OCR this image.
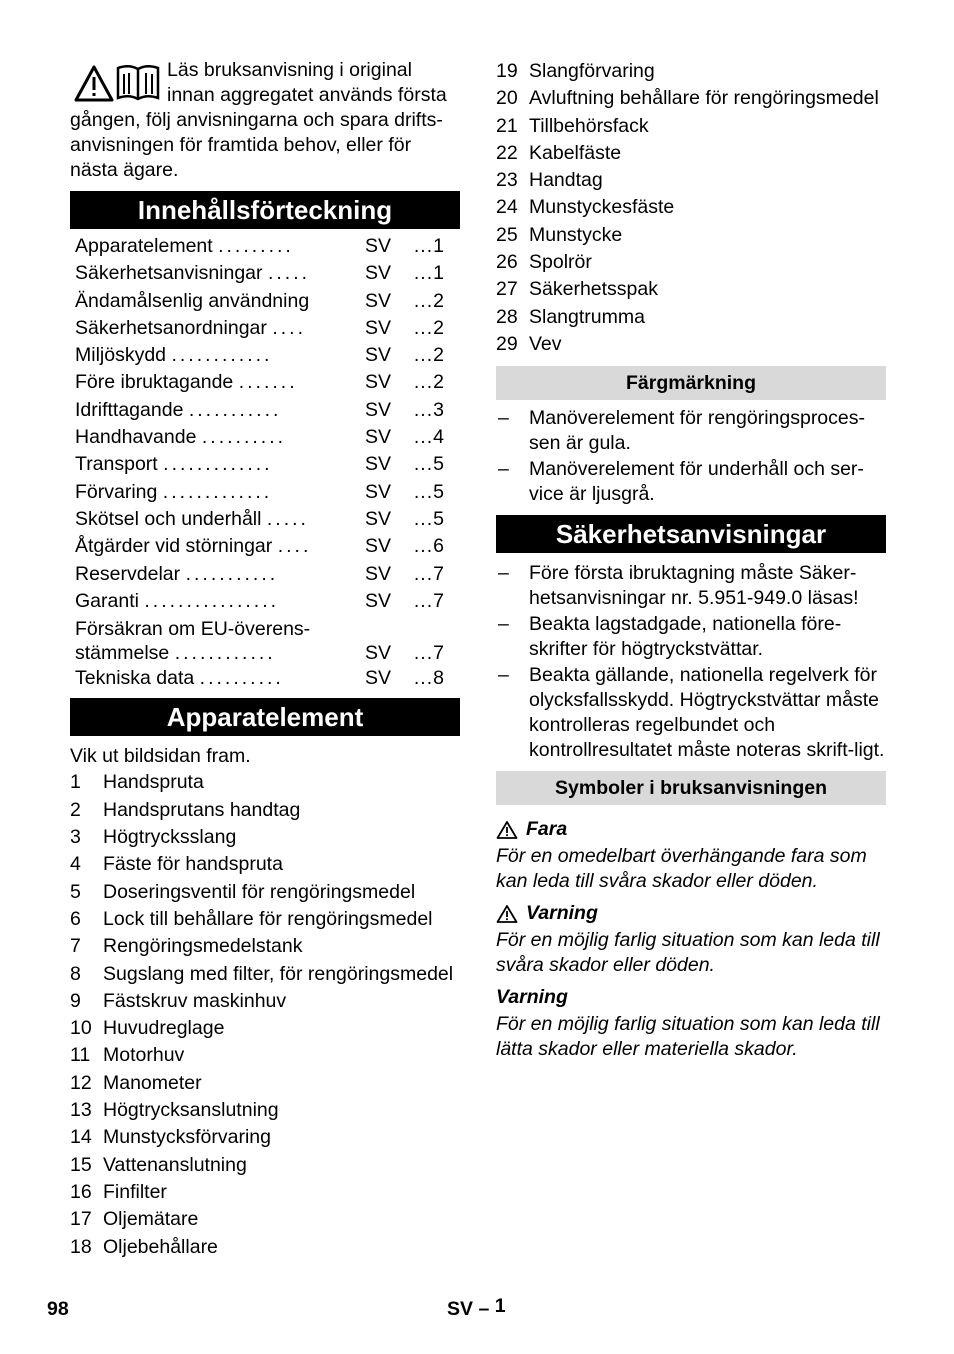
Läs bruksanvisning i original
innan aggregatet används första
gången, följ anvisningarna och spara drifts-anvisningen för framtida behov, eller för nästa ägare.
Innehållsförteckning
Apparatelement .........	SV	...1
Säkerhetsanvisningar .....	SV	...1
Ändamålsenlig användning	SV	...2
Säkerhetsanordningar ....	SV	...2
Miljöskydd ............	SV	...2
Före ibruktagande .......	SV	...2
Idrifttagande ...........	SV	...3
Handhavande ..........	SV	...4
Transport .............	SV	...5
Förvaring .............	SV	...5
Skötsel och underhåll .....	SV	...5
Åtgärder vid störningar ....	SV	...6
Reservdelar ...........	SV	...7
Garanti ................	SV	...7
Försäkran om EU-överens-
stämmelse ............	SV	...7
Tekniska data ..........	SV	...8
Apparatelement
Vik ut bildsidan fram.
1	Handspruta
2	Handsprutans handtag
3	Högtrycksslang
4	Fäste för handspruta
5	Doseringsventil för rengöringsmedel
6	Lock till behållare för rengöringsmedel
7	Rengöringsmedelstank
8	Sugslang med filter, för rengöringsmedel
9	Fästskruv maskinhuv
10 Huvudreglage
11 Motorhuv
12 Manometer
13 Högtrycksanslutning
14 Munstycksförvaring
15 Vattenanslutning
16 Finfilter
17 Oljemätare
18 Oljebehållare
19 Slangförvaring
20 Avluftning behållare för rengöringsmedel
21 Tillbehörsfack
22 Kabelfäste
23 Handtag
24 Munstyckesfäste
25 Munstycke
26 Spolrör
27 Säkerhetsspak
28 Slangtrumma
29 Vev
Färgmärkning
–	Manöverelement för rengöringsproces-sen är gula.
–	Manöverelement för underhåll och ser-vice är ljusgrå.
Säkerhetsanvisningar
–	Före första ibruktagning måste Säker-hetsanvisningar nr. 5.951-949.0 läsas!
–	Beakta lagstadgade, nationella före-skrifter för högtryckstvättar.
–	Beakta gällande, nationella regelverk för olycksfallsskydd. Högtryckstvättar måste kontrolleras regelbundet och kontrollresultatet måste noteras skrift-ligt.
Symboler i bruksanvisningen
Fara
För en omedelbart överhängande fara som kan leda till svåra skador eller döden.
Varning
För en möjlig farlig situation som kan leda till svåra skador eller döden.
Varning
För en möjlig farlig situation som kan leda till lätta skador eller materiella skador.
98	SV – 1
